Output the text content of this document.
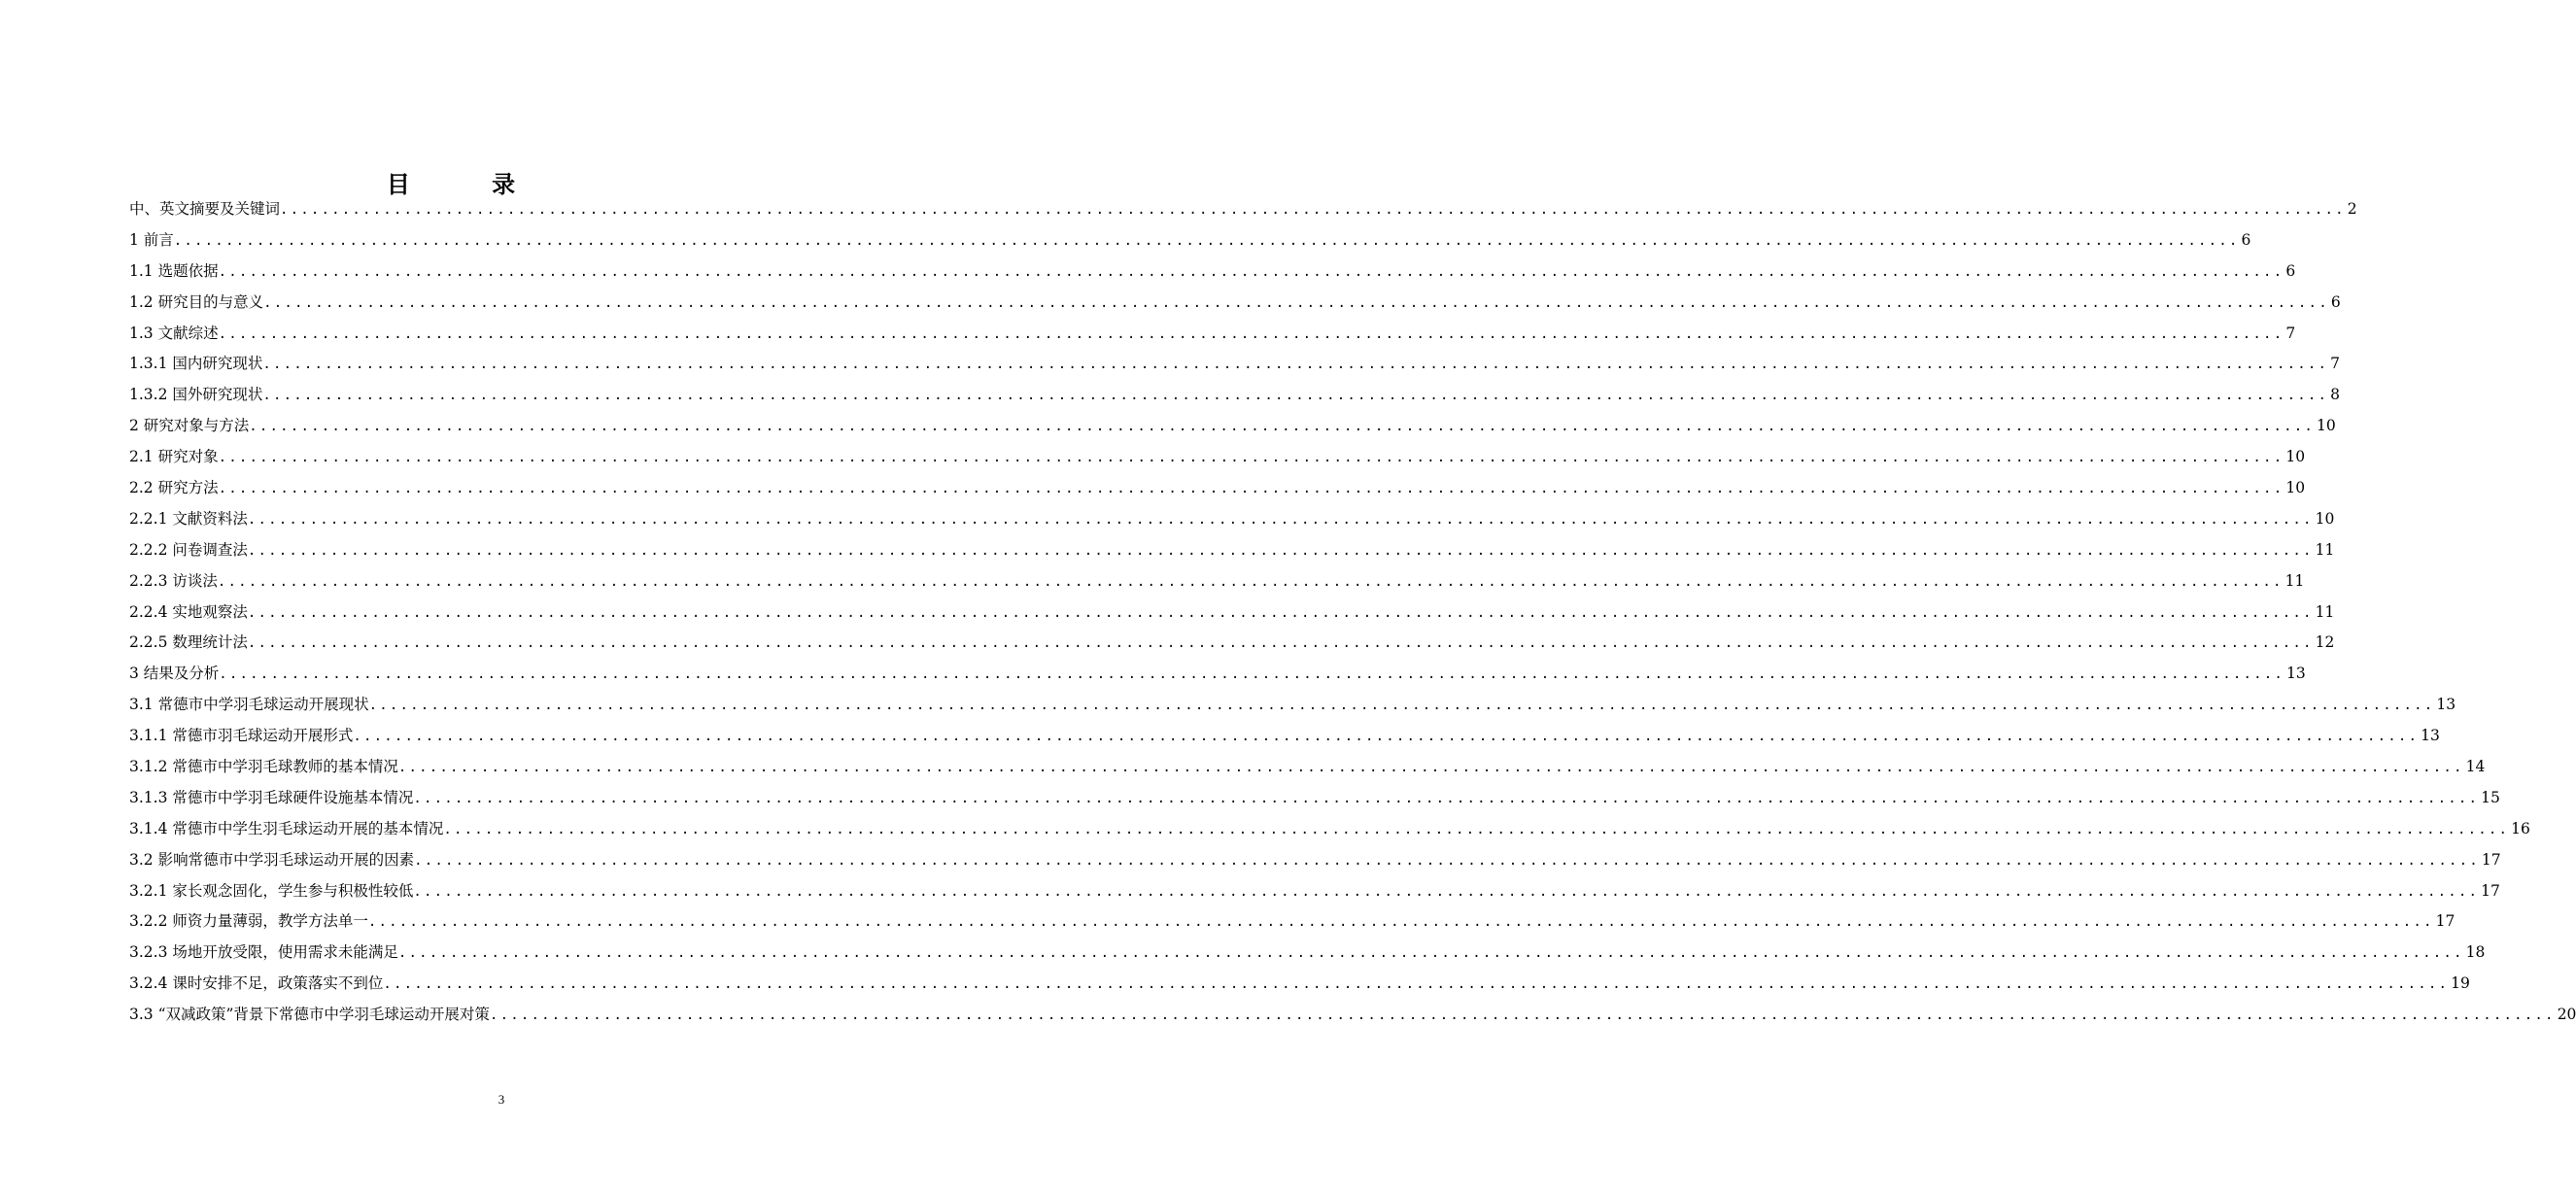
目 录
中、英文摘要及关键词 ........................................................................................................................................................................................................ 2
1 前言 ........................................................................................................................................................................................................ 6
1.1 选题依据 ........................................................................................................................................................................................................ 6
1.2 研究目的与意义 ........................................................................................................................................................................................................ 6
1.3 文献综述 ........................................................................................................................................................................................................ 7
1.3.1 国内研究现状 ........................................................................................................................................................................................................ 7
1.3.2 国外研究现状 ........................................................................................................................................................................................................ 8
2 研究对象与方法 ........................................................................................................................................................................................................ 10
2.1 研究对象 ........................................................................................................................................................................................................ 10
2.2 研究方法 ........................................................................................................................................................................................................ 10
2.2.1 文献资料法 ........................................................................................................................................................................................................ 10
2.2.2 问卷调查法 ........................................................................................................................................................................................................ 11
2.2.3 访谈法 ........................................................................................................................................................................................................ 11
2.2.4 实地观察法 ........................................................................................................................................................................................................ 11
2.2.5 数理统计法 ........................................................................................................................................................................................................ 12
3 结果及分析 ........................................................................................................................................................................................................ 13
3.1 常德市中学羽毛球运动开展现状 ........................................................................................................................................................................................................ 13
3.1.1 常德市羽毛球运动开展形式 ........................................................................................................................................................................................................ 13
3.1.2 常德市中学羽毛球教师的基本情况 ........................................................................................................................................................................................................ 14
3.1.3 常德市中学羽毛球硬件设施基本情况 ........................................................................................................................................................................................................ 15
3.1.4 常德市中学生羽毛球运动开展的基本情况 ........................................................................................................................................................................................................ 16
3.2 影响常德市中学羽毛球运动开展的因素 ........................................................................................................................................................................................................ 17
3.2.1 家长观念固化，学生参与积极性较低 ........................................................................................................................................................................................................ 17
3.2.2 师资力量薄弱，教学方法单一 ........................................................................................................................................................................................................ 17
3.2.3 场地开放受限，使用需求未能满足 ........................................................................................................................................................................................................ 18
3.2.4 课时安排不足，政策落实不到位 ........................................................................................................................................................................................................ 19
3.3 “双减政策”背景下常德市中学羽毛球运动开展对策 ........................................................................................................................................................................................................ 20
3
